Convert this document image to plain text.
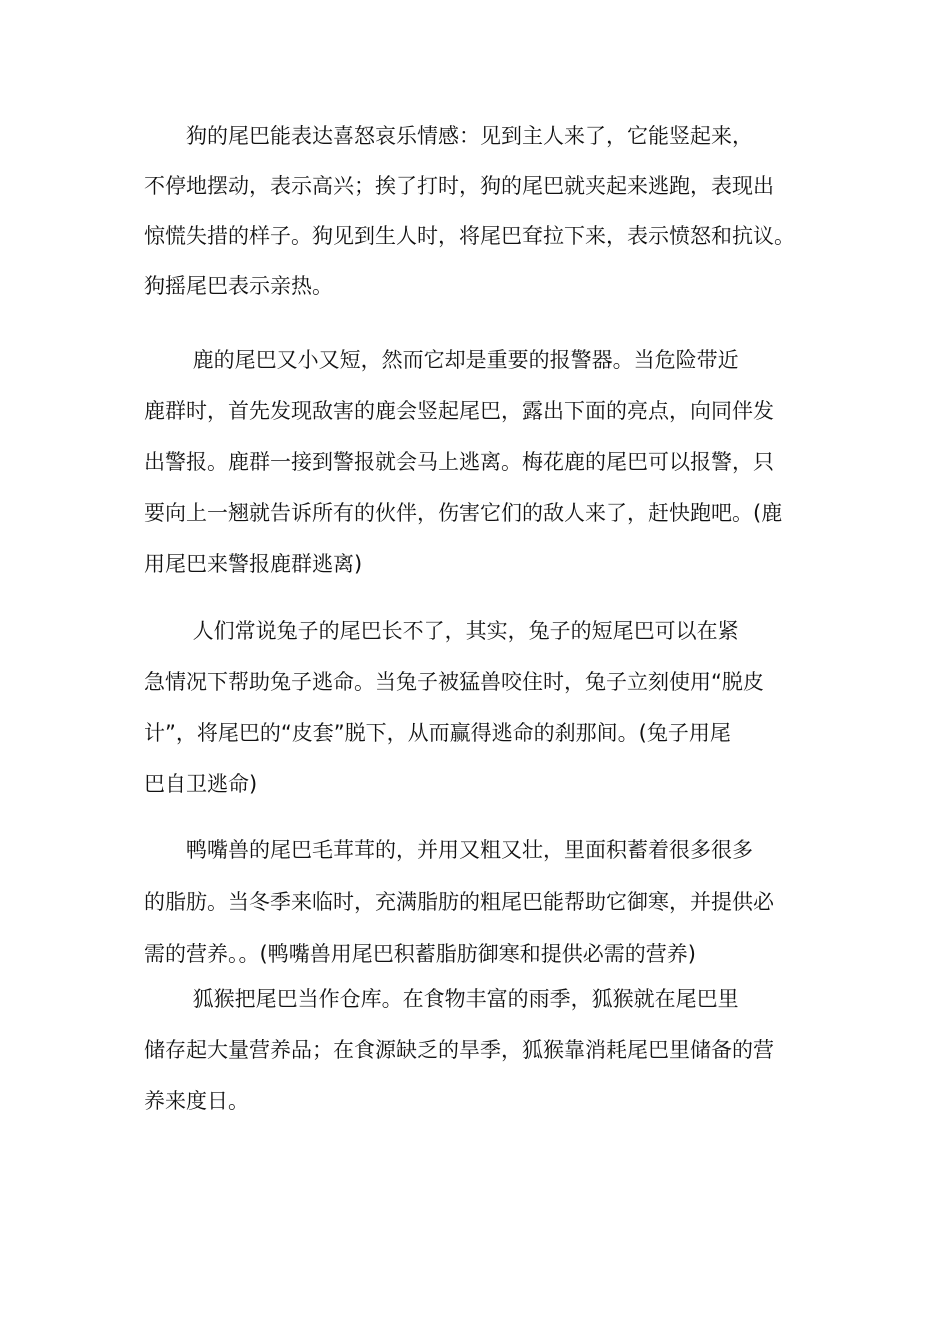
　　狗的尾巴能表达喜怒哀乐情感：见到主人来了，它能竖起来，
不停地摆动，表示高兴；挨了打时，狗的尾巴就夹起来逃跑，表现出
惊慌失措的样子。狗见到生人时，将尾巴耷拉下来，表示愤怒和抗议。
狗摇尾巴表示亲热。
　　 鹿的尾巴又小又短，然而它却是重要的报警器。当危险带近
鹿群时，首先发现敌害的鹿会竖起尾巴，露出下面的亮点，向同伴发
出警报。鹿群一接到警报就会马上逃离。梅花鹿的尾巴可以报警，只
要向上一翘就告诉所有的伙伴，伤害它们的敌人来了，赶快跑吧。(鹿
用尾巴来警报鹿群逃离)
　　 人们常说兔子的尾巴长不了，其实，兔子的短尾巴可以在紧
急情况下帮助兔子逃命。当兔子被猛兽咬住时，兔子立刻使用“脱皮
计”，将尾巴的“皮套”脱下，从而赢得逃命的刹那间。(兔子用尾
巴自卫逃命)
　　鸭嘴兽的尾巴毛茸茸的，并用又粗又壮，里面积蓄着很多很多
的脂肪。当冬季来临时，充满脂肪的粗尾巴能帮助它御寒，并提供必
需的营养。。(鸭嘴兽用尾巴积蓄脂肪御寒和提供必需的营养)
　　 狐猴把尾巴当作仓库。在食物丰富的雨季，狐猴就在尾巴里
储存起大量营养品；在食源缺乏的旱季，狐猴靠消耗尾巴里储备的营
养来度日。
